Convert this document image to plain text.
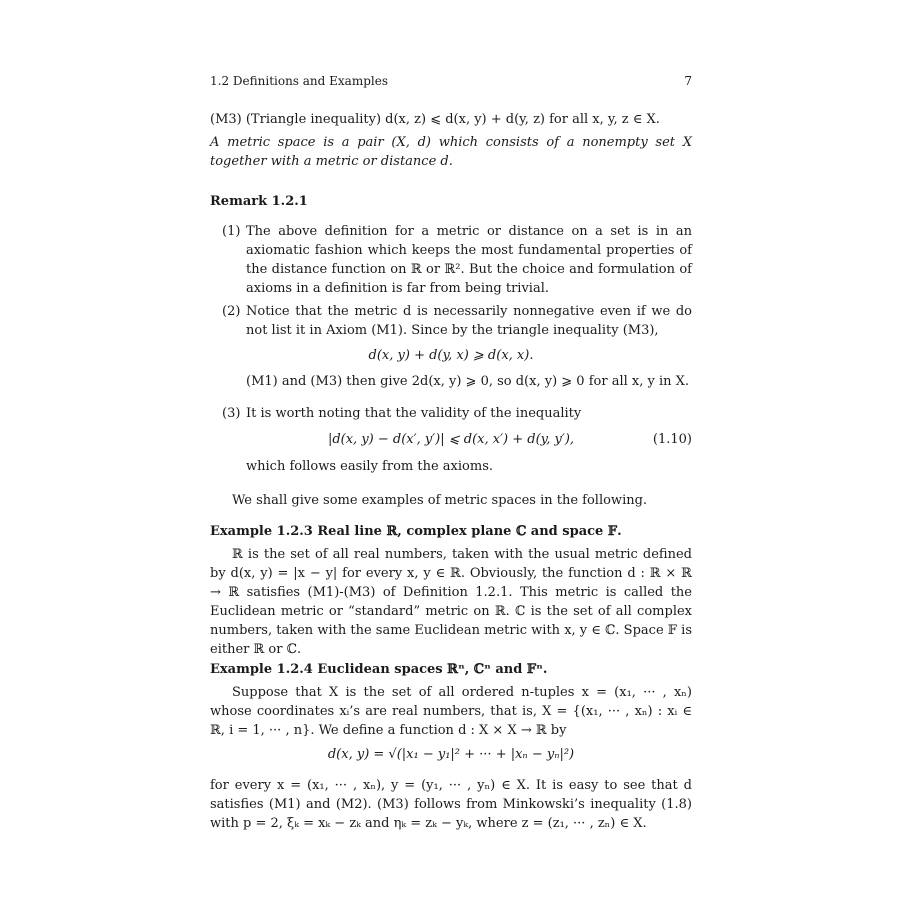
1.2 Definitions and Examples	7
(M3) (Triangle inequality) d(x, z) ⩽ d(x, y) + d(y, z) for all x, y, z ∈ X.
A metric space is a pair (X, d) which consists of a nonempty set X together with a metric or distance d.
Remark 1.2.1
(1) The above definition for a metric or distance on a set is in an axiomatic fashion which keeps the most fundamental properties of the distance function on ℝ or ℝ². But the choice and formulation of axioms in a definition is far from being trivial.
(2) Notice that the metric d is necessarily nonnegative even if we do not list it in Axiom (M1). Since by the triangle inequality (M3),
d(x, y) + d(y, x) ⩾ d(x, x).
(M1) and (M3) then give 2d(x, y) ⩾ 0, so d(x, y) ⩾ 0 for all x, y in X.
(3) It is worth noting that the validity of the inequality
|d(x, y) − d(x′, y′)| ⩽ d(x, x′) + d(y, y′),	(1.10)
which follows easily from the axioms.
We shall give some examples of metric spaces in the following.
Example 1.2.3 Real line ℝ, complex plane ℂ and space 𝔽.
ℝ is the set of all real numbers, taken with the usual metric defined by d(x, y) = |x − y| for every x, y ∈ ℝ. Obviously, the function d : ℝ × ℝ → ℝ satisfies (M1)-(M3) of Definition 1.2.1. This metric is called the Euclidean metric or “standard” metric on ℝ. ℂ is the set of all complex numbers, taken with the same Euclidean metric with x, y ∈ ℂ. Space 𝔽 is either ℝ or ℂ.
Example 1.2.4 Euclidean spaces ℝⁿ, ℂⁿ and 𝔽ⁿ.
Suppose that X is the set of all ordered n-tuples x = (x₁, ··· , xₙ) whose coordinates xᵢ’s are real numbers, that is, X = {(x₁, ··· , xₙ) : xᵢ ∈ ℝ, i = 1, ··· , n}. We define a function d : X × X → ℝ by
d(x, y) = √(|x₁ − y₁|² + ··· + |xₙ − yₙ|²)
for every x = (x₁, ··· , xₙ), y = (y₁, ··· , yₙ) ∈ X. It is easy to see that d satisfies (M1) and (M2). (M3) follows from Minkowski’s inequality (1.8) with p = 2, ξₖ = xₖ − zₖ and ηₖ = zₖ − yₖ, where z = (z₁, ··· , zₙ) ∈ X.
